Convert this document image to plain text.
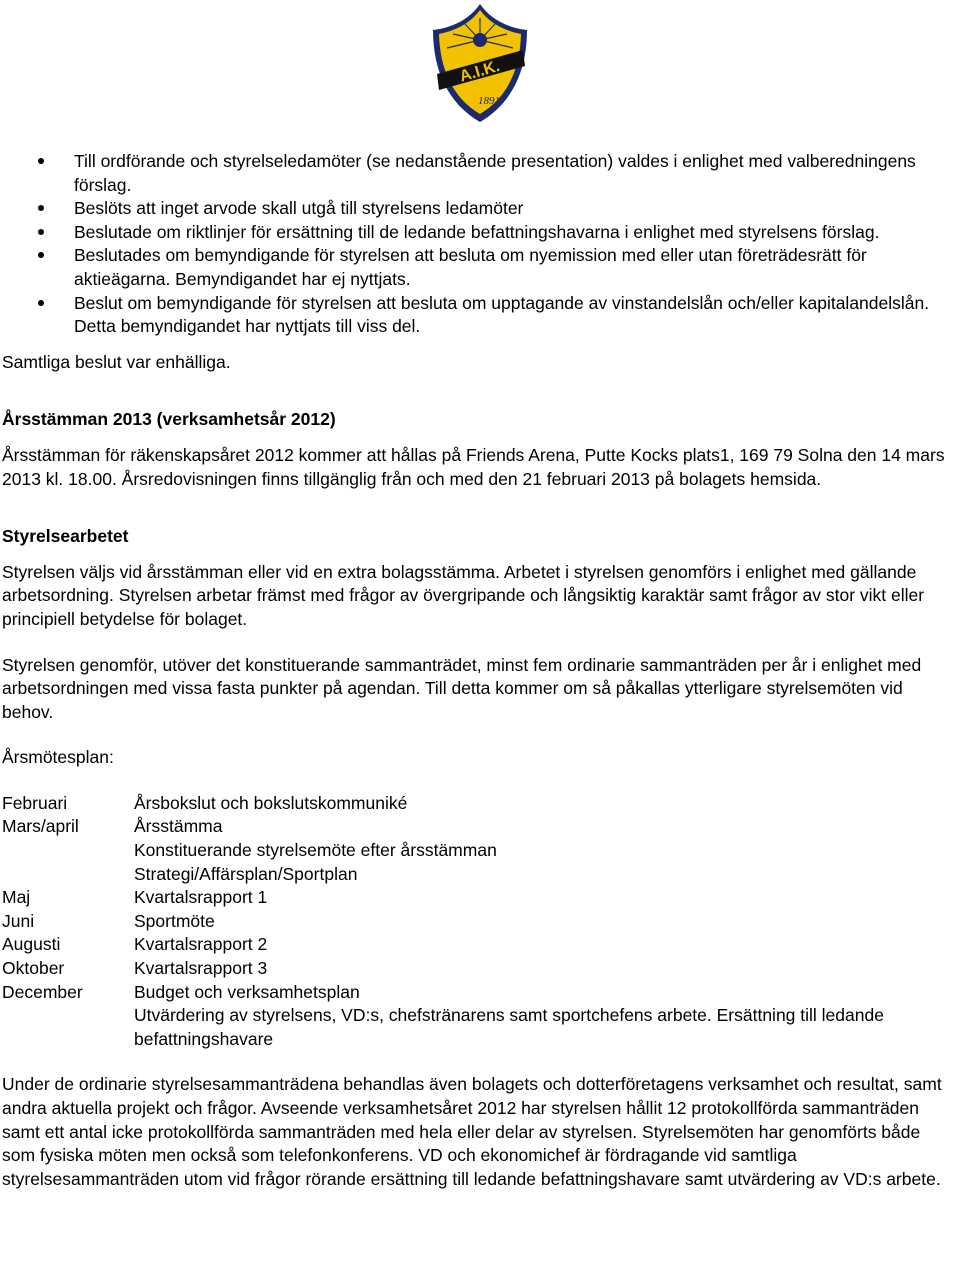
A.I.K.
1891
Till ordförande och styrelseledamöter (se nedanstående presentation) valdes i enlighet med valberedningens förslag.
Beslöts att inget arvode skall utgå till styrelsens ledamöter
Beslutade om riktlinjer för ersättning till de ledande befattningshavarna i enlighet med styrelsens förslag.
Beslutades om bemyndigande för styrelsen att besluta om nyemission med eller utan företrädesrätt för aktieägarna. Bemyndigandet har ej nyttjats.
Beslut om bemyndigande för styrelsen att besluta om upptagande av vinstandelslån och/eller kapitalandelslån. Detta bemyndigandet har nyttjats till viss del.

Samtliga beslut var enhälliga.

Årsstämman 2013 (verksamhetsår 2012)

Årsstämman för räkenskapsåret 2012 kommer att hållas på Friends Arena, Putte Kocks plats1, 169 79 Solna den 14 mars 2013 kl. 18.00. Årsredovisningen finns tillgänglig från och med den 21 februari 2013 på bolagets hemsida.

Styrelsearbetet

Styrelsen väljs vid årsstämman eller vid en extra bolagsstämma. Arbetet i styrelsen genomförs i enlighet med gällande arbetsordning. Styrelsen arbetar främst med frågor av övergripande och långsiktig karaktär samt frågor av stor vikt eller principiell betydelse för bolaget.

Styrelsen genomför, utöver det konstituerande sammanträdet, minst fem ordinarie sammanträden per år i enlighet med arbetsordningen med vissa fasta punkter på agendan. Till detta kommer om så påkallas ytterligare styrelsemöten vid behov.

Årsmötesplan:

Februari	Årsbokslut och bokslutskommuniké
Mars/april	Årsstämma
Konstituerande styrelsemöte efter årsstämman
Strategi/Affärsplan/Sportplan
Maj	Kvartalsrapport 1
Juni	Sportmöte
Augusti	Kvartalsrapport 2
Oktober	Kvartalsrapport 3
December	Budget och verksamhetsplan
Utvärdering av styrelsens, VD:s, chefstränarens samt sportchefens arbete. Ersättning till ledande befattningshavare

Under de ordinarie styrelsesammanträdena behandlas även bolagets och dotterföretagens verksamhet och resultat, samt andra aktuella projekt och frågor. Avseende verksamhetsåret 2012 har styrelsen hållit 12 protokollförda sammanträden samt ett antal icke protokollförda sammanträden med hela eller delar av styrelsen. Styrelsemöten har genomförts både som fysiska möten men också som telefonkonferens. VD och ekonomichef är fördragande vid samtliga styrelsesammanträden utom vid frågor rörande ersättning till ledande befattningshavare samt utvärdering av VD:s arbete.
